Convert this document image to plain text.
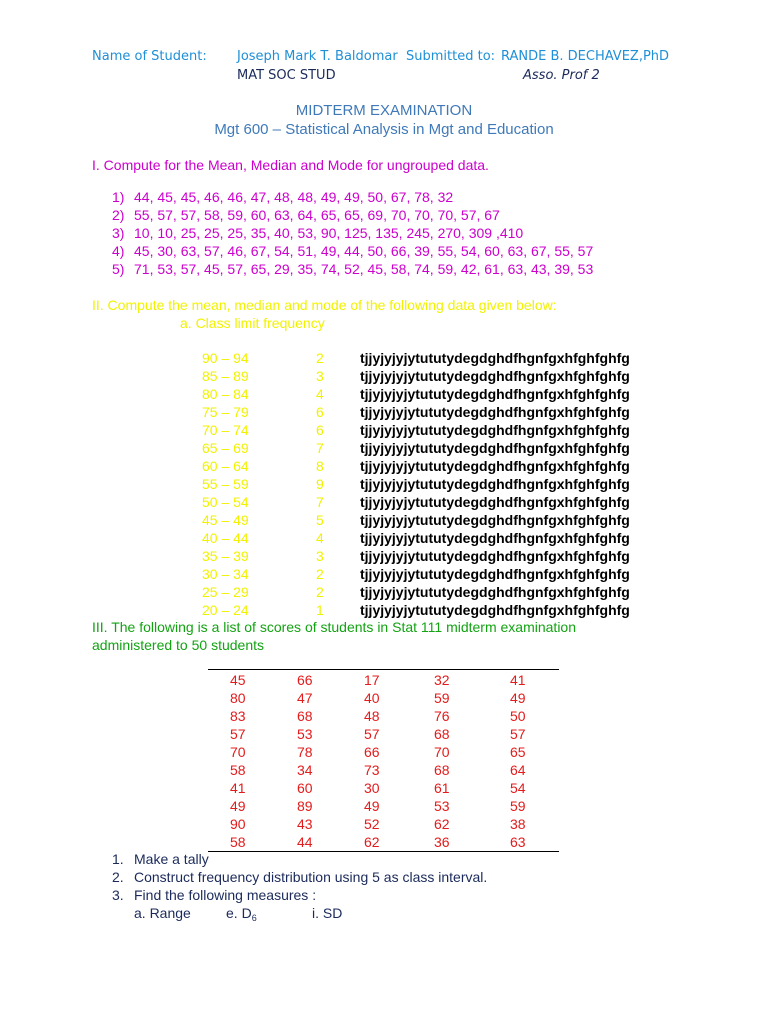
Name of Student: Joseph Mark T. Baldomar Submitted to: RANDE B. DECHAVEZ,PhD
MAT SOC STUD	Asso. Prof 2
MIDTERM EXAMINATION
Mgt 600 – Statistical Analysis in Mgt and Education
I. Compute for the Mean, Median and Mode for ungrouped data.
1) 44, 45, 45, 46, 46, 47, 48, 48, 49, 49, 50, 67, 78, 32
2) 55, 57, 57, 58, 59, 60, 63, 64, 65, 65, 69, 70, 70, 70, 57, 67
3) 10, 10, 25, 25, 25, 35, 40, 53, 90, 125, 135, 245, 270, 309 ,410
4) 45, 30, 63, 57, 46, 67, 54, 51, 49, 44, 50, 66, 39, 55, 54, 60, 63, 67, 55, 57
5) 71, 53, 57, 45, 57, 65, 29, 35, 74, 52, 45, 58, 74, 59, 42, 61, 63, 43, 39, 53
II. Compute the mean, median and mode of the following data given below:
a. Class limit frequency
90 – 94	2	tjjyjyjyjytututydegdghdfhgnfgxhfghfghfg
85 – 89	3	tjjyjyjyjytututydegdghdfhgnfgxhfghfghfg
80 – 84	4	tjjyjyjyjytututydegdghdfhgnfgxhfghfghfg
75 – 79	6	tjjyjyjyjytututydegdghdfhgnfgxhfghfghfg
70 – 74	6	tjjyjyjyjytututydegdghdfhgnfgxhfghfghfg
65 – 69	7	tjjyjyjyjytututydegdghdfhgnfgxhfghfghfg
60 – 64	8	tjjyjyjyjytututydegdghdfhgnfgxhfghfghfg
55 – 59	9	tjjyjyjyjytututydegdghdfhgnfgxhfghfghfg
50 – 54	7	tjjyjyjyjytututydegdghdfhgnfgxhfghfghfg
45 – 49	5	tjjyjyjyjytututydegdghdfhgnfgxhfghfghfg
40 – 44	4	tjjyjyjyjytututydegdghdfhgnfgxhfghfghfg
35 – 39	3	tjjyjyjyjytututydegdghdfhgnfgxhfghfghfg
30 – 34	2	tjjyjyjyjytututydegdghdfhgnfgxhfghfghfg
25 – 29	2	tjjyjyjyjytututydegdghdfhgnfgxhfghfghfg
20 – 24	1	tjjyjyjyjytututydegdghdfhgnfgxhfghfghfg
III. The following is a list of scores of students in Stat 111 midterm examination
administered to 50 students
45	66	17	32	41
80	47	40	59	49
83	68	48	76	50
57	53	57	68	57
70	78	66	70	65
58	34	73	68	64
41	60	30	61	54
49	89	49	53	59
90	43	52	62	38
58	44	62	36	63
1. Make a tally
2. Construct frequency distribution using 5 as class interval.
3. Find the following measures :
a. Range	e. $D_6$	i. SD
